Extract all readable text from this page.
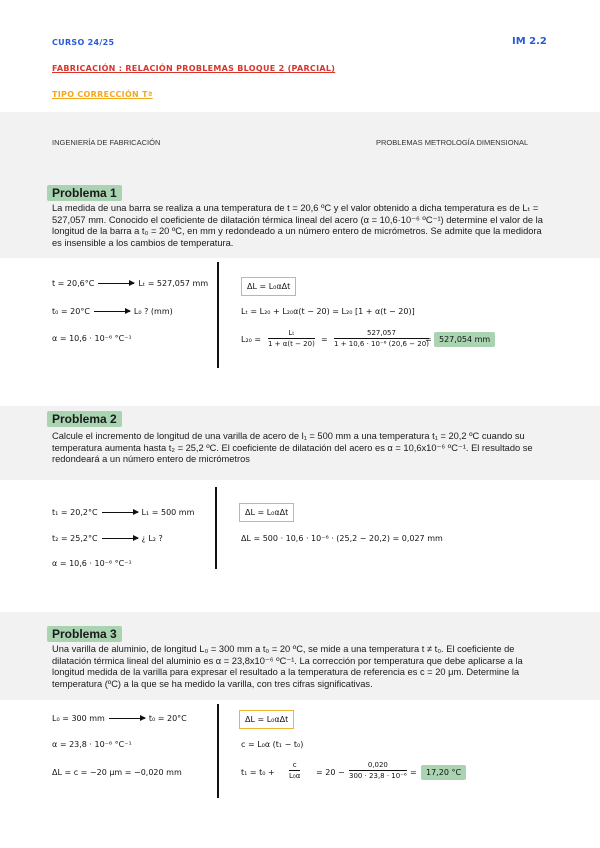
CURSO 24/25	IM 2.2
FABRICACIÓN : RELACIÓN PROBLEMAS BLOQUE 2 (PARCIAL)
TIPO CORRECCIÓN Tª
INGENIERÍA DE FABRICACIÓN	PROBLEMAS METROLOGÍA DIMENSIONAL
Problema 1
La medida de una barra se realiza a una temperatura de t = 20,6 ºC y el valor obtenido a dicha temperatura es de Lₜ = 527,057 mm. Conocido el coeficiente de dilatación térmica lineal del acero (α = 10,6·10⁻⁶ ºC⁻¹) determine el valor de la longitud de la barra a t₀ = 20 ºC, en mm y redondeado a un número entero de micrómetros. Se admite que la medidora es insensible a los cambios de temperatura.
t = 20,6°C	Lₜ = 527,057 mm
t₀ = 20°C	L₀ ? (mm)
α = 10,6 · 10⁻⁶ °C⁻¹
ΔL = L₀αΔt
Lₜ = L₂₀ + L₂₀α(t − 20) = L₂₀ [1 + α(t − 20)]
$L_{20} = \frac{\text{Lₜ}}{1 + \alpha(t - 20)} = \frac{527,057}{\text{1 + 10,6 · 10⁻⁶ (20,6 − 20)}}$
= 527,054 mm
Problema 2
Calcule el incremento de longitud de una varilla de acero de l₁ = 500 mm a una temperatura t₁ = 20,2 ºC cuando su temperatura aumenta hasta t₂ = 25,2 ºC. El coeficiente de dilatación del acero es α = 10,6x10⁻⁶ ºC⁻¹. El resultado se redondeará a un número entero de micrómetros
t₁ = 20,2°C	L₁ = 500 mm
t₂ = 25,2°C	¿ L₂ ?
α = 10,6 · 10⁻⁶ °C⁻¹
ΔL = L₀αΔt
ΔL = 500 · 10,6 · 10⁻⁶ · (25,2 − 20,2) = 0,027 mm
Problema 3
Una varilla de aluminio, de longitud L₀ = 300 mm a t₀ = 20 ºC, se mide a una temperatura t ≠ t₀. El coeficiente de dilatación térmica lineal del aluminio es α = 23,8x10⁻⁶ ºC⁻¹. La corrección por temperatura que debe aplicarse a la longitud medida de la varilla para expresar el resultado a la temperatura de referencia es c = 20 μm. Determine la temperatura (ºC) a la que se ha medido la varilla, con tres cifras significativas.
L₀ = 300 mm	t₀ = 20°C
α = 23,8 · 10⁻⁶ °C⁻¹
ΔL = c = −20 μm = −0,020 mm
ΔL = L₀αΔt
c = L₀α (t₁ − t₀)
$t_1 = t_0 + \frac{c}{\text{L₀α}} = 20 - \frac{0,020}{\text{300 · 23,8 · 10⁻⁶}}$ =	17,20 °C
